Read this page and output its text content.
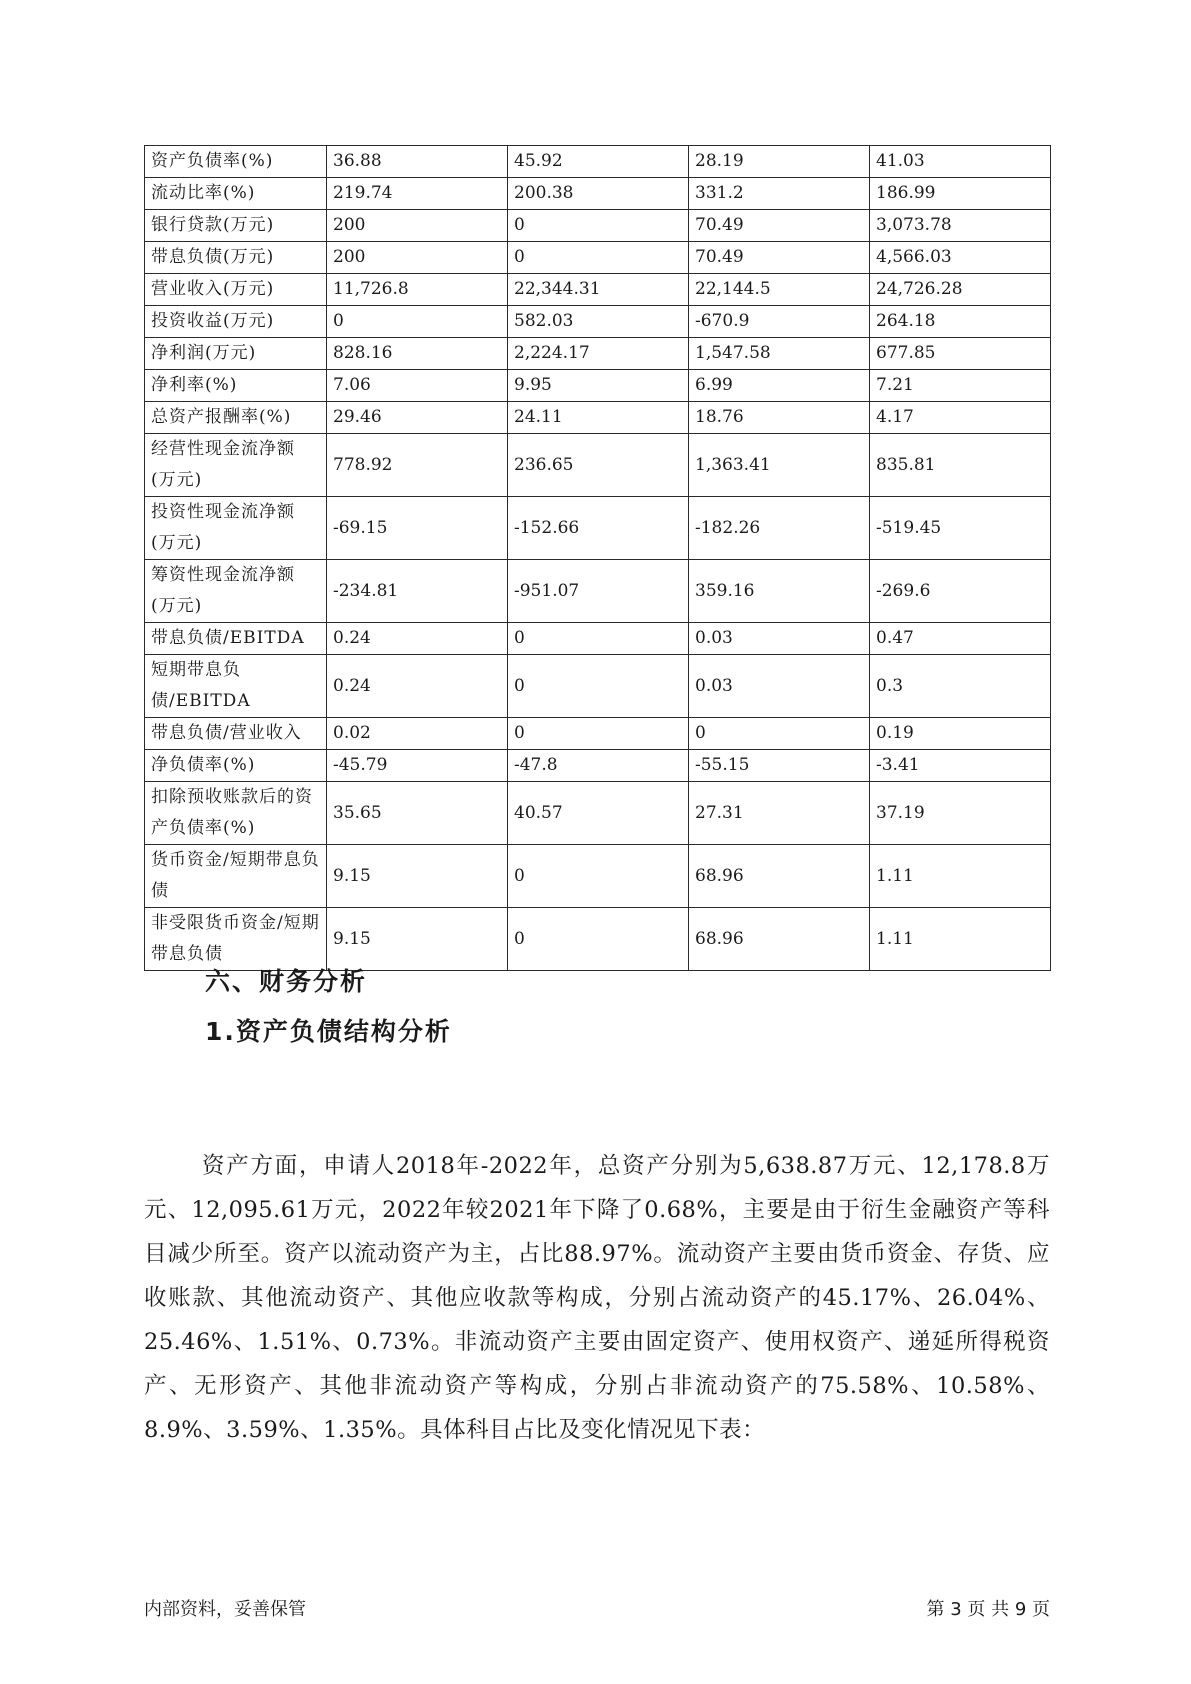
资产负债率(%)	36.88	45.92	28.19	41.03
流动比率(%)	219.74	200.38	331.2	186.99
银行贷款(万元)	200	0	70.49	3,073.78
带息负债(万元)	200	0	70.49	4,566.03
营业收入(万元)	11,726.8	22,344.31	22,144.5	24,726.28
投资收益(万元)	0	582.03	-670.9	264.18
净利润(万元)	828.16	2,224.17	1,547.58	677.85
净利率(%)	7.06	9.95	6.99	7.21
总资产报酬率(%)	29.46	24.11	18.76	4.17
经营性现金流净额(万元)	778.92	236.65	1,363.41	835.81
投资性现金流净额(万元)	-69.15	-152.66	-182.26	-519.45
筹资性现金流净额(万元)	-234.81	-951.07	359.16	-269.6
带息负债/EBITDA	0.24	0	0.03	0.47
短期带息负债/EBITDA	0.24	0	0.03	0.3
带息负债/营业收入	0.02	0	0	0.19
净负债率(%)	-45.79	-47.8	-55.15	-3.41
扣除预收账款后的资产负债率(%)	35.65	40.57	27.31	37.19
货币资金/短期带息负债	9.15	0	68.96	1.11
非受限货币资金/短期带息负债	9.15	0	68.96	1.11
六、财务分析
1.资产负债结构分析

资产方面，申请人2018年-2022年，总资产分别为5,638.87万元、12,178.8万元、12,095.61万元，2022年较2021年下降了0.68%，主要是由于衍生金融资产等科目减少所至。资产以流动资产为主，占比88.97%。流动资产主要由货币资金、存货、应收账款、其他流动资产、其他应收款等构成，分别占流动资产的45.17%、26.04%、25.46%、1.51%、0.73%。非流动资产主要由固定资产、使用权资产、递延所得税资产、无形资产、其他非流动资产等构成，分别占非流动资产的75.58%、10.58%、8.9%、3.59%、1.35%。具体科目占比及变化情况见下表：

内部资料，妥善保管	第 3 页 共 9 页
